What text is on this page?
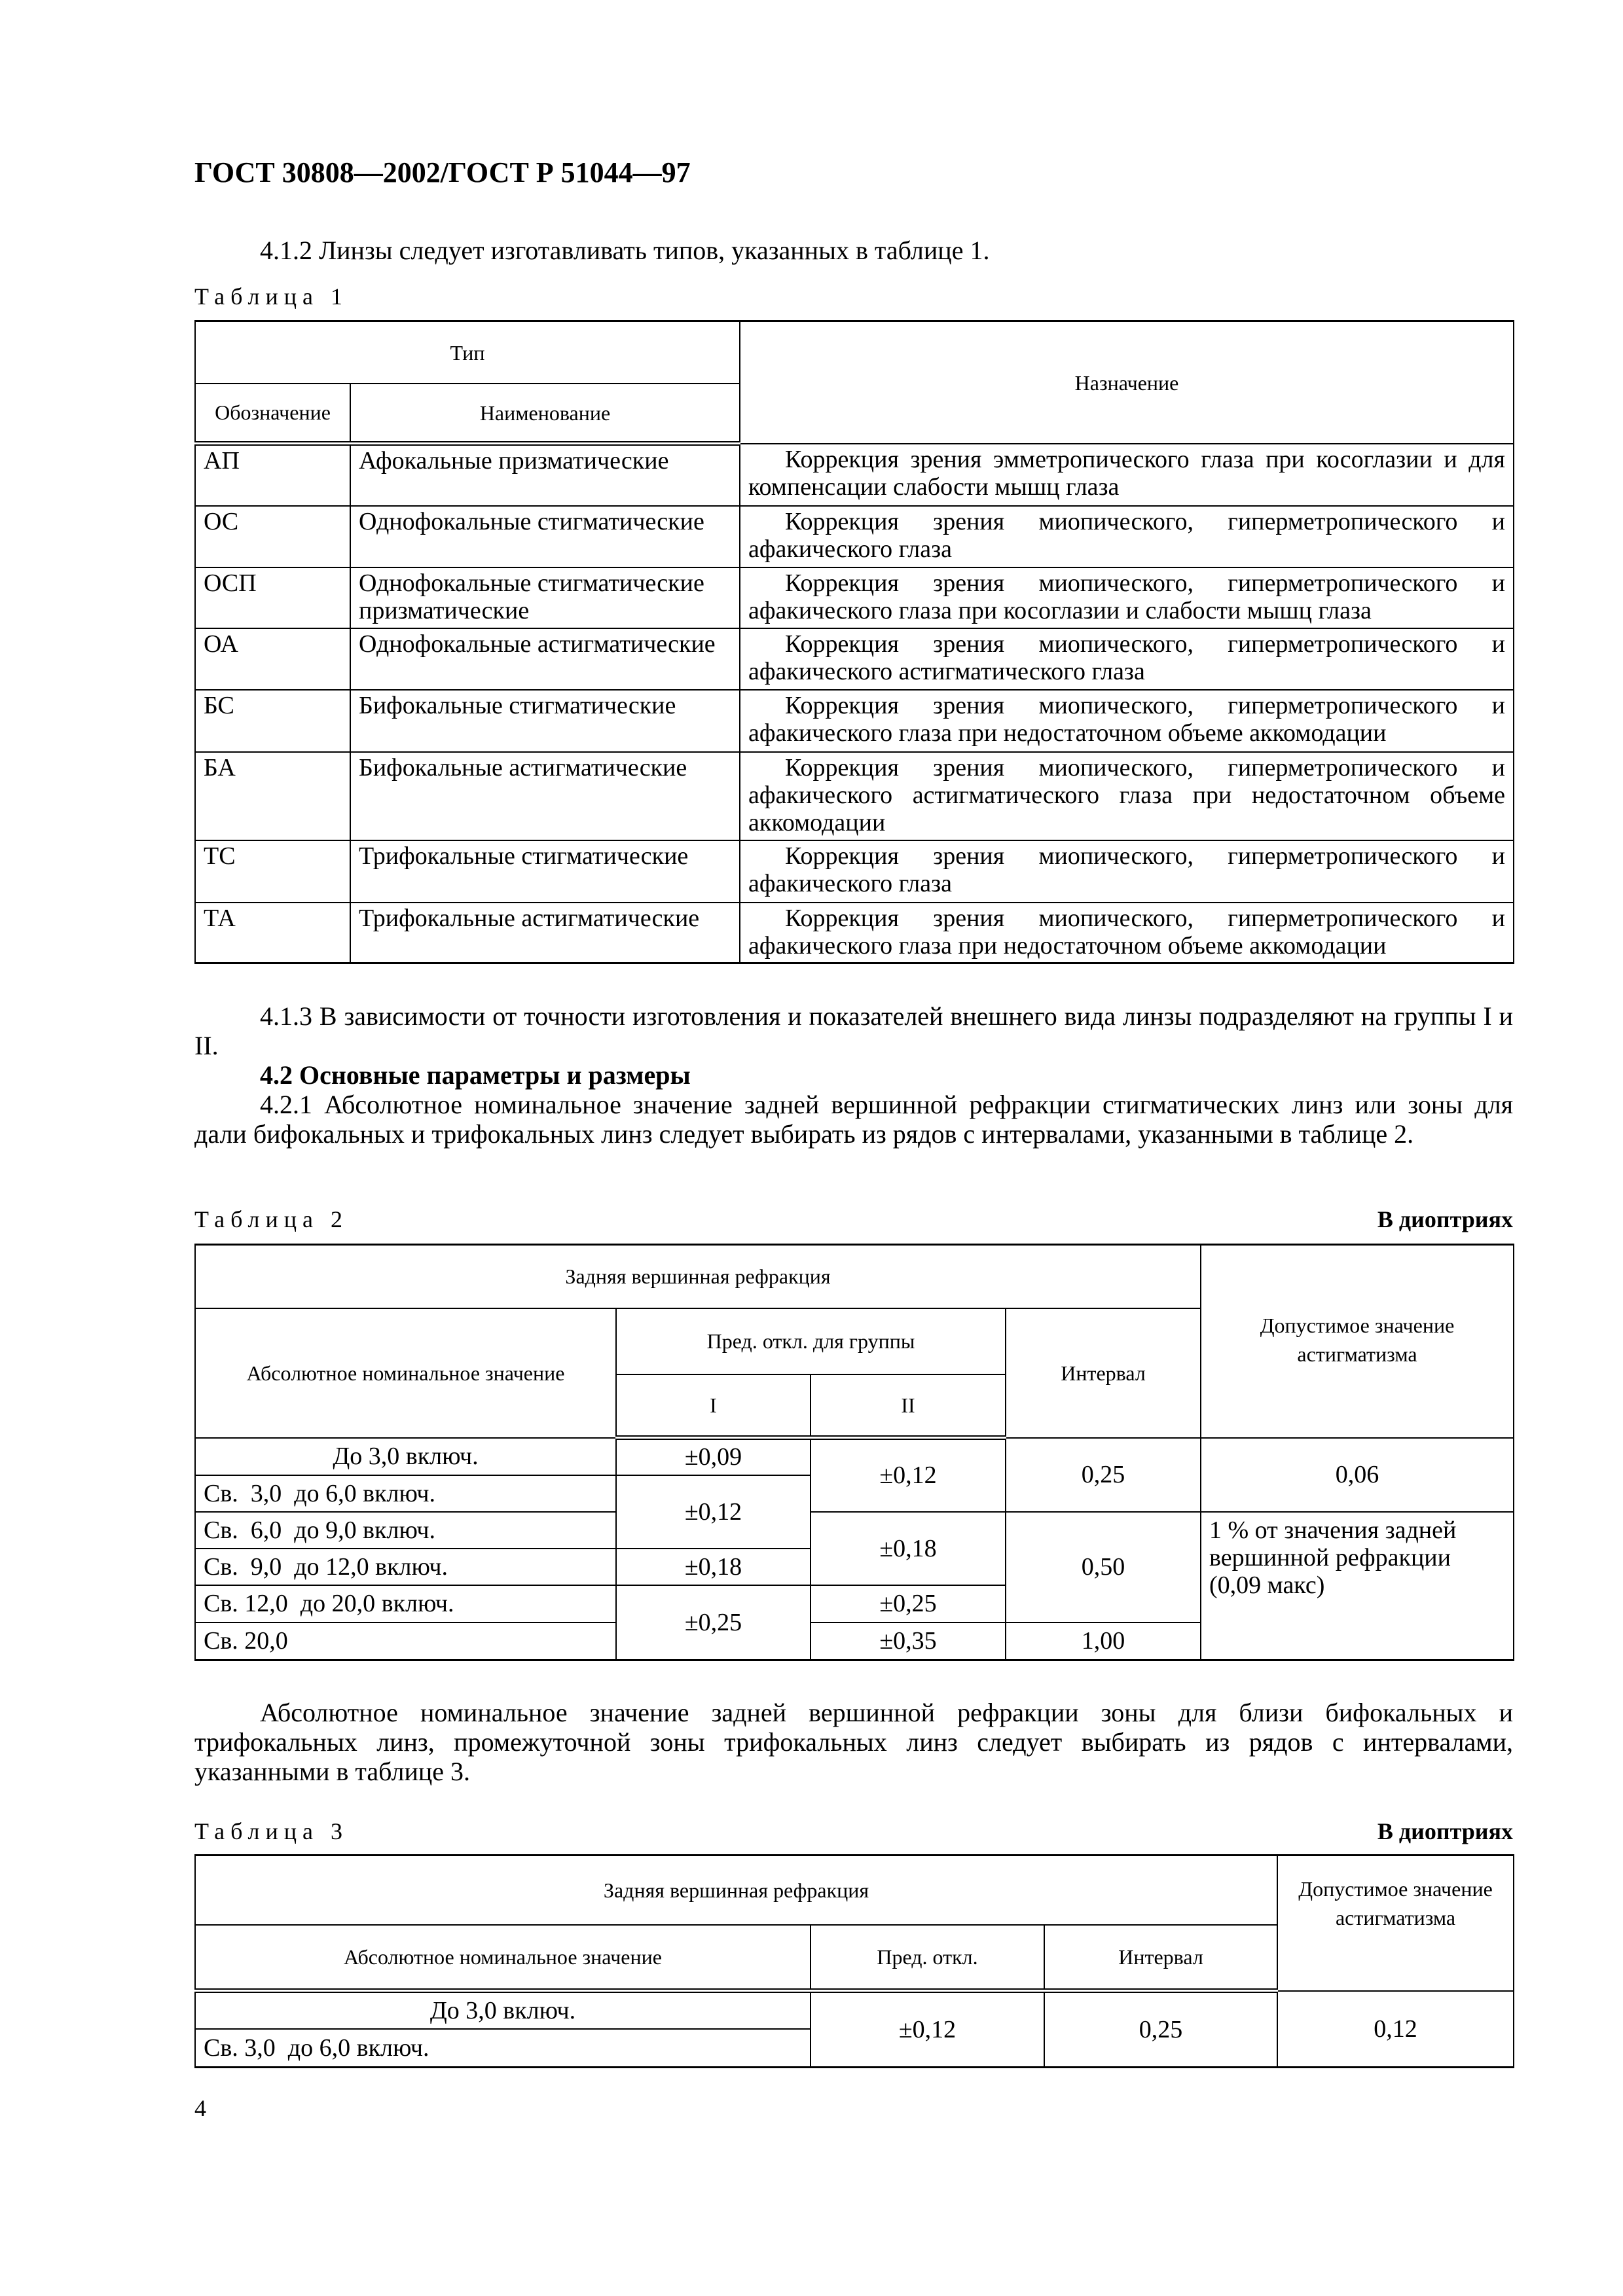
ГОСТ 30808—2002/ГОСТ Р 51044—97
4.1.2 Линзы следует изготавливать типов, указанных в таблице 1.
Таблица 1
Тип		Назначение
Обозначение	Наименование	
АП	Афокальные призматические	Коррекция зрения эмметропического глаза при косоглазии и для компенсации слабости мышц глаза
ОС	Однофокальные стигматические	Коррекция зрения миопического, гиперметропического и афакического глаза
ОСП	Однофокальные стигматические призматические	Коррекция зрения миопического, гиперметропического и афакического глаза при косоглазии и слабости мышц глаза
ОА	Однофокальные астигматические	Коррекция зрения миопического, гиперметропического и афакического астигматического глаза
БС	Бифокальные стигматические	Коррекция зрения миопического, гиперметропического и афакического глаза при недостаточном объеме аккомодации
БА	Бифокальные астигматические	Коррекция зрения миопического, гиперметропического и афакического астигматического глаза при недостаточном объеме аккомодации
ТС	Трифокальные стигматические	Коррекция зрения миопического, гиперметропического и афакического глаза
ТА	Трифокальные астигматические	Коррекция зрения миопического, гиперметропического и афакического глаза при недостаточном объеме аккомодации
4.1.3 В зависимости от точности изготовления и показателей внешнего вида линзы подразделяют на группы I и II.
4.2 Основные параметры и размеры
4.2.1 Абсолютное номинальное значение задней вершинной рефракции стигматических линз или зоны для дали бифокальных и трифокальных линз следует выбирать из рядов с интервалами, указанными в таблице 2.
Таблица 2	В диоптриях
Задняя вершинная рефракция				Допустимое значение астигматизма
Абсолютное номинальное значение	Пред. откл. для группы		Интервал	
	I	II		
До 3,0 включ.	±0,09	±0,12	0,25	0,06
Св.  3,0  до 6,0 включ.	±0,12			
Св.  6,0  до 9,0 включ.		±0,18	0,50	1 % от значения задней вершинной рефракции (0,09 макс)
Св.  9,0  до 12,0 включ.	±0,18			
Св. 12,0  до 20,0 включ.	±0,25	±0,25		
Св. 20,0		±0,35	1,00	
Абсолютное номинальное значение задней вершинной рефракции зоны для близи бифокальных и трифокальных линз, промежуточной зоны трифокальных линз следует выбирать из рядов с интервалами, указанными в таблице 3.
Таблица 3	В диоптриях
Задняя вершинная рефракция			Допустимое значение астигматизма
Абсолютное номинальное значение	Пред. откл.	Интервал	
До 3,0 включ.	±0,12	0,25	0,12
Св. 3,0  до 6,0 включ.			
4
